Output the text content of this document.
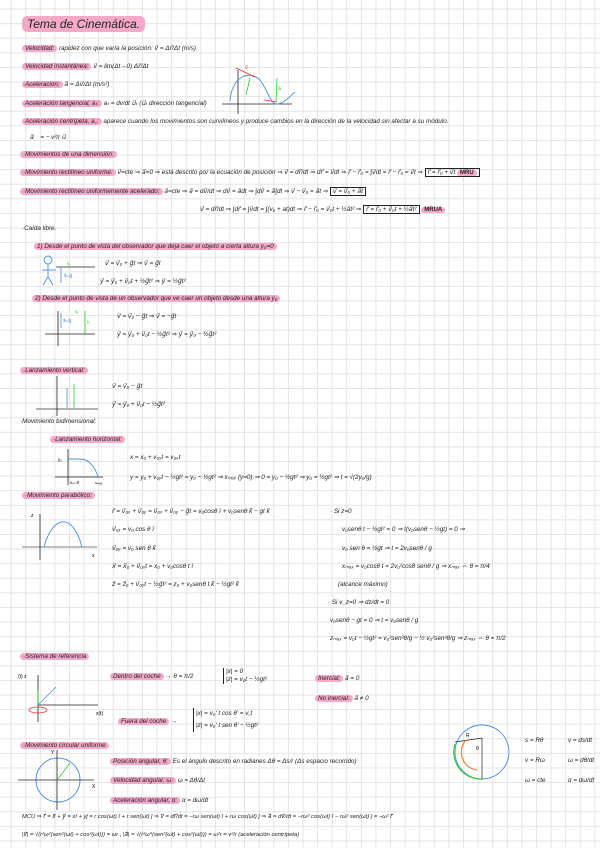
Tema de Cinemática.
Velocidad: rapidez con que varía la posición: v⃗ = Δr⃗/Δt (m/s)
Velocidad instantánea: v⃗ = lim(Δt→0) Δr⃗/Δt
Aceleración: a⃗ = Δv⃗/Δt (m/s²)
Aceleración tangencial, aₜ: aₜ = dv/dt u⃗ₜ (u⃗ₜ dirección tangencial)
Aceleración centrípeta, a꜀: aparece cuando los movimientos son curvilíneos y produce cambios en la dirección de la velocidad sin afectar a su módulo.
a⃗꜀ = − v²/r u⃗
v⃗
a⃗
·Movimientos de una dimensión:
·Movimiento rectilíneo uniforme: v⃗=cte ⇒ a⃗=0 ⇒ está descrito por la ecuación de posición ⇒ v⃗ = dr⃗/dt ⇒ dr⃗ = v⃗dt ⇒ r⃗ − r⃗₀ = ∫v⃗dt = r⃗ − r⃗₀ = v⃗t ⇒ r⃗ = r⃗₀ + v⃗t MRU
·Movimiento rectilíneo uniformemente acelerado: a⃗=cte ⇒ a⃗ = dv⃗/dt ⇒ dv⃗ = a⃗dt ⇒ ∫dv⃗ = a⃗∫dt ⇒ v⃗ − v⃗₀ = a⃗t ⇒ v⃗ = v⃗₀ + a⃗t
v⃗ = dr⃗/dt ⇒ ∫dr⃗ = ∫v⃗dt = ∫(v₀ + at)dt ⇒ r⃗ − r⃗₀ = v⃗₀t + ½a⃗t² ⇒ r⃗ = r⃗₀ + v⃗₀t + ½a⃗t² MRUA
·Caída libre.
1) Desde el punto de vista del observador que deja caer el objeto a cierta altura y₀=0
a⃗=g⃗
y₀	v⃗ = v⃗₀ + g⃗t ⇒ v⃗ = g⃗t
y⃗ = y⃗₀ + v⃗₀t + ½g⃗t² ⇒ y⃗ = ½g⃗t²
2) Desde el punto de vista de un observador que ve caer un objeto desde una altura y₀
a⃗=g⃗	h
y₀
v⃗ = v⃗₀ − g⃗t ⇒ v⃗ = −g⃗t
y⃗ = y⃗₀ + v⃗₀t − ½g⃗t² ⇒ y⃗ = y⃗₀ − ½g⃗t²
·Lanzamiento vertical:
v⃗ = v⃗₀ − g⃗t
y⃗ = y⃗₀ + v⃗₀t − ½g⃗t²
·Movimiento bidimensional:
·Lanzamiento horizontal:
y₀
x₀=0	xₘₐₓ
x = x₀ + v₀ₓt = v₀ₓt
y = y₀ + v₀ᵧt − ½gt² = y₀ − ½gt² ⇒ xₘₐₓ (y=0) ⇒ 0 = y₀ − ½gt² ⇒ y₀ = ½gt² ⇒ t = √(2y₀/g)
·Movimiento parabólico:
z
x
r⃗ = v⃗₀ₓ + v⃗₀ᵧ = v⃗₀ₓ + v⃗₀ᵧ − g⃗t = v₀cosθ î + v₀senθ k̂ − gt k̂
v⃗₀ₓ = v₀ cos θ î
v⃗₀ᵧ = v₀ sen θ k̂
x⃗ = x⃗₀ + v⃗₀ₓt = x₀ + v₀cosθ t î
z⃗ = z⃗₀ + v⃗₀ᵧt − ½g⃗t² = z₀ + v₀senθ t k̂ − ½gt² k̂
· Si z=0
v₀senθ t − ½gt² = 0 ⇒ t(v₀senθ − ½gt) = 0 ⇒
v₀ sen θ = ½gt ⇒ t = 2v₀senθ / g
xₘₐₓ = v₀cosθ t = 2v₀²cosθ senθ / g ⇒ xₘₐₓ ⇔ θ = π/4
(alcance máximo)
· Si v_z=0 ⇒ dz/dt = 0
v₀senθ − gt = 0 ⇒ t = v₀senθ / g
zₘₐₓ = v₀t − ½gt² = v₀²sen²θ/g − ½ v₀²sen²θ/g ⇒ zₘₐₓ ⇔ θ = π/2
·Sistema de referencia
(t) z
x(t)
Dentro del coche → θ = π/2
|x| = 0
|z| = v₀t − ½gt²
Fuera del coche →
|x| = v₀' t cos θ' = v꜀t
|z| = v₀' t sen θ' − ½gt²
Inercial: a⃗ = 0
No inercial: a⃗ ≠ 0
·Movimiento circular uniforme
X
Y
Posición angular, θ: Es el ángulo descrito en radianes Δθ = Δs/r (Δs espacio recorrido)
Velocidad angular, ω: ω = Δθ/Δt
Aceleración angular, α: α = dω/dt
R
θ
s = Rθ	v = ds/dt
v = Rω	ω = dθ/dt
ω = cte	α = dω/dt
MCU ⇒ r⃗ = x⃗ + y⃗ = xî + yĵ = r cos(ωt) î + r sen(ωt) ĵ ⇒ v⃗ = dr⃗/dt = −rω sen(ωt) î + rω cos(ωt) ĵ ⇒ a⃗ = dv⃗/dt = −rω² cos(ωt) î − rω² sen(ωt) ĵ = −ω² r⃗
|v⃗| = √(r²ω²(sen²(ωt) + cos²(ωt))) = ωr , |a⃗| = √(r²ω⁴(sen²(ωt) + cos²(ωt))) = ω²r = v²/r (aceleración centrípeta)
